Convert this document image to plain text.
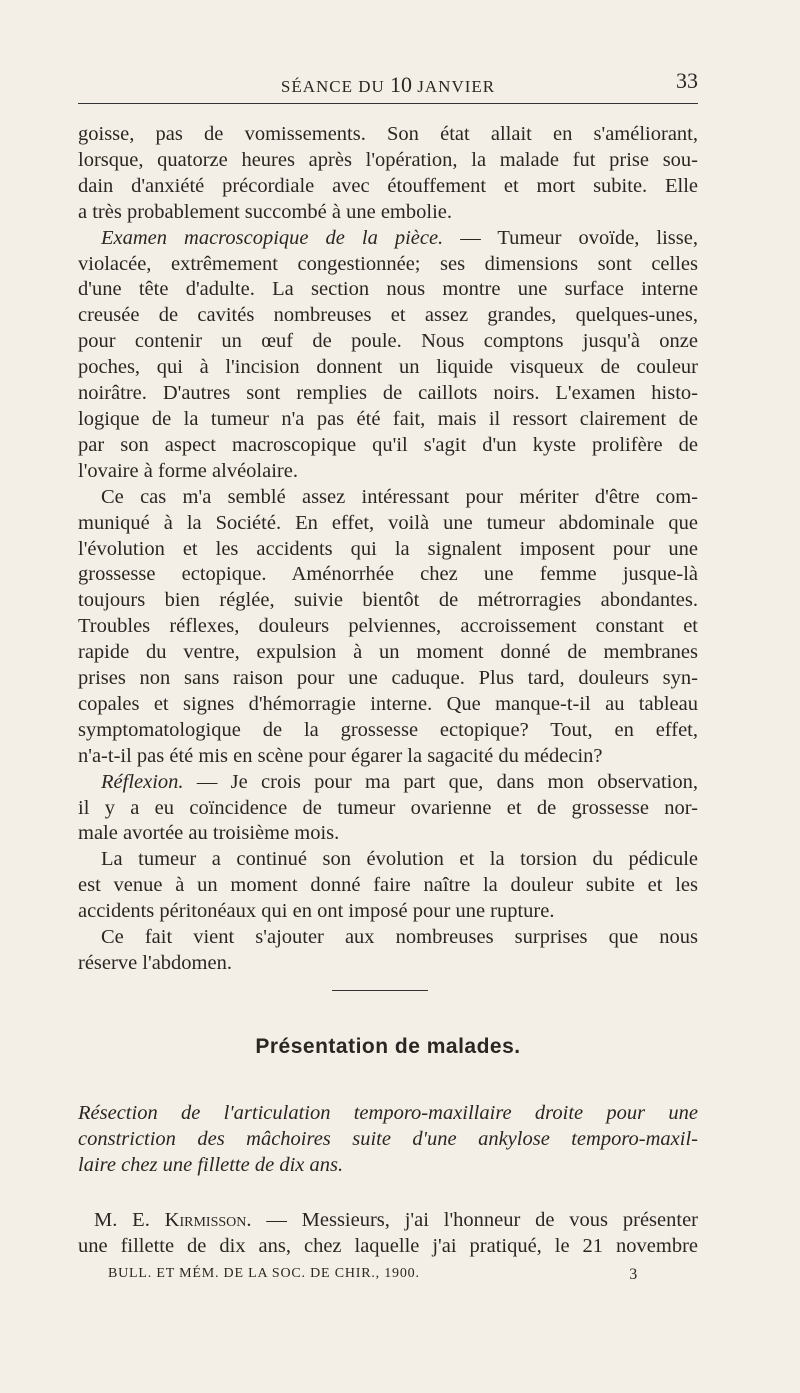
SÉANCE DU 10 JANVIER	33
goisse, pas de vomissements. Son état allait en s'améliorant,
lorsque, quatorze heures après l'opération, la malade fut prise sou-
dain d'anxiété précordiale avec étouffement et mort subite. Elle
a très probablement succombé à une embolie.
Examen macroscopique de la pièce. — Tumeur ovoïde, lisse,
violacée, extrêmement congestionnée; ses dimensions sont celles
d'une tête d'adulte. La section nous montre une surface interne
creusée de cavités nombreuses et assez grandes, quelques-unes,
pour contenir un œuf de poule. Nous comptons jusqu'à onze
poches, qui à l'incision donnent un liquide visqueux de couleur
noirâtre. D'autres sont remplies de caillots noirs. L'examen histo-
logique de la tumeur n'a pas été fait, mais il ressort clairement de
par son aspect macroscopique qu'il s'agit d'un kyste prolifère de
l'ovaire à forme alvéolaire.
Ce cas m'a semblé assez intéressant pour mériter d'être com-
muniqué à la Société. En effet, voilà une tumeur abdominale que
l'évolution et les accidents qui la signalent imposent pour une
grossesse ectopique. Aménorrhée chez une femme jusque-là
toujours bien réglée, suivie bientôt de métrorragies abondantes.
Troubles réflexes, douleurs pelviennes, accroissement constant et
rapide du ventre, expulsion à un moment donné de membranes
prises non sans raison pour une caduque. Plus tard, douleurs syn-
copales et signes d'hémorragie interne. Que manque-t-il au tableau
symptomatologique de la grossesse ectopique? Tout, en effet,
n'a-t-il pas été mis en scène pour égarer la sagacité du médecin?
Réflexion. — Je crois pour ma part que, dans mon observation,
il y a eu coïncidence de tumeur ovarienne et de grossesse nor-
male avortée au troisième mois.
La tumeur a continué son évolution et la torsion du pédicule
est venue à un moment donné faire naître la douleur subite et les
accidents péritonéaux qui en ont imposé pour une rupture.
Ce fait vient s'ajouter aux nombreuses surprises que nous
réserve l'abdomen.
Présentation de malades.
Résection de l'articulation temporo-maxillaire droite pour une
constriction des mâchoires suite d'une ankylose temporo-maxil-
laire chez une fillette de dix ans.
M. E. Kirmisson. — Messieurs, j'ai l'honneur de vous présenter
une fillette de dix ans, chez laquelle j'ai pratiqué, le 21 novembre
BULL. ET MÉM. DE LA SOC. DE CHIR., 1900.	3
